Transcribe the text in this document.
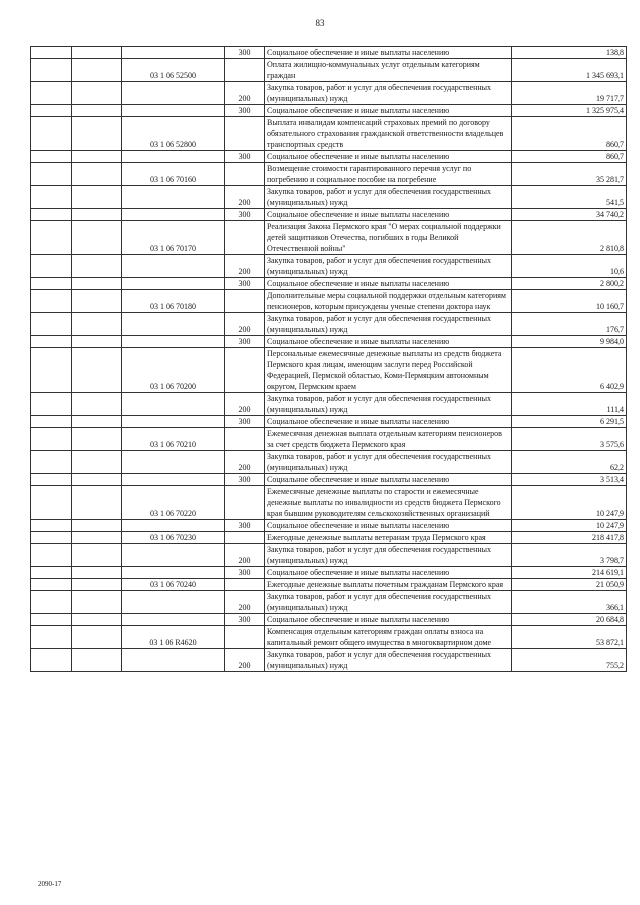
83
			300	Социальное обеспечение и иные выплаты населению	138,8
		03 1 06 52500		Оплата жилищно-коммунальных услуг отдельным категориям граждан	1 345 693,1
			200	Закупка товаров, работ и услуг для обеспечения государственных (муниципальных) нужд	19 717,7
			300	Социальное обеспечение и иные выплаты населению	1 325 975,4
		03 1 06 52800		Выплата инвалидам компенсаций страховых премий по договору обязательного страхования гражданской ответственности владельцев транспортных средств	860,7
			300	Социальное обеспечение и иные выплаты населению	860,7
		03 1 06 70160		Возмещение стоимости гарантированного перечня услуг по погребению и социальное пособие на погребение	35 281,7
			200	Закупка товаров, работ и услуг для обеспечения государственных (муниципальных) нужд	541,5
			300	Социальное обеспечение и иные выплаты населению	34 740,2
		03 1 06 70170		Реализация Закона Пермского края "О мерах социальной поддержки детей защитников Отечества, погибших в годы Великой Отечественной войны"	2 810,8
			200	Закупка товаров, работ и услуг для обеспечения государственных (муниципальных) нужд	10,6
			300	Социальное обеспечение и иные выплаты населению	2 800,2
		03 1 06 70180		Дополнительные меры социальной поддержки отдельным категориям пенсионеров, которым присуждены ученые степени доктора наук	10 160,7
			200	Закупка товаров, работ и услуг для обеспечения государственных (муниципальных) нужд	176,7
			300	Социальное обеспечение и иные выплаты населению	9 984,0
		03 1 06 70200		Персональные ежемесячные денежные выплаты из средств бюджета Пермского края лицам, имеющим заслуги перед Российской Федерацией, Пермской областью, Коми-Пермяцким автономным округом, Пермским краем	6 402,9
			200	Закупка товаров, работ и услуг для обеспечения государственных (муниципальных) нужд	111,4
			300	Социальное обеспечение и иные выплаты населению	6 291,5
		03 1 06 70210		Ежемесячная денежная выплата отдельным категориям пенсионеров за счет средств бюджета Пермского края	3 575,6
			200	Закупка товаров, работ и услуг для обеспечения государственных (муниципальных) нужд	62,2
			300	Социальное обеспечение и иные выплаты населению	3 513,4
		03 1 06 70220		Ежемесячные денежные выплаты по старости и ежемесячные денежные выплаты по инвалидности из средств бюджета Пермского края бывшим руководителям сельскохозяйственных организаций	10 247,9
			300	Социальное обеспечение и иные выплаты населению	10 247,9
		03 1 06 70230		Ежегодные денежные выплаты ветеранам труда Пермского края	218 417,8
			200	Закупка товаров, работ и услуг для обеспечения государственных (муниципальных) нужд	3 798,7
			300	Социальное обеспечение и иные выплаты населению	214 619,1
		03 1 06 70240		Ежегодные денежные выплаты почетным гражданам Пермского края	21 050,9
			200	Закупка товаров, работ и услуг для обеспечения государственных (муниципальных) нужд	366,1
			300	Социальное обеспечение и иные выплаты населению	20 684,8
		03 1 06 R4620		Компенсация отдельным категориям граждан оплаты взноса на капитальный ремонт общего имущества в многоквартирном доме	53 872,1
			200	Закупка товаров, работ и услуг для обеспечения государственных (муниципальных) нужд	755,2
2090-17
